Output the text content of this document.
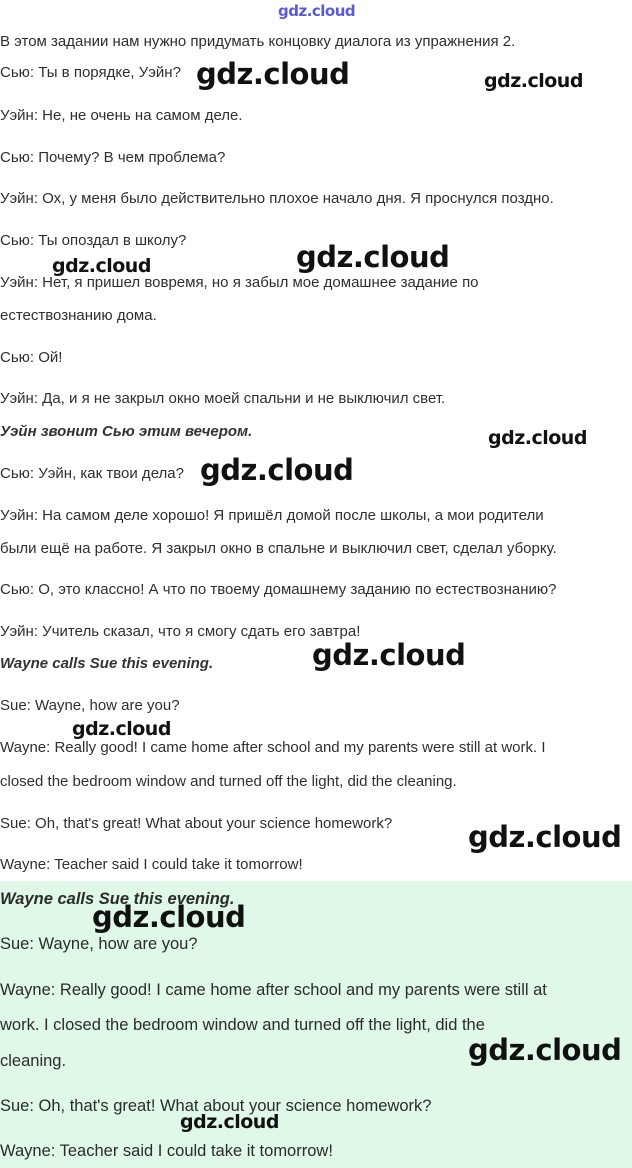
gdz.cloud
В этом задании нам нужно придумать концовку диалога из упражнения 2.
Сью: Ты в порядке, Уэйн?
Уэйн: Не, не очень на самом деле.
Сью: Почему? В чем проблема?
Уэйн: Ох, у меня было действительно плохое начало дня. Я проснулся поздно.
Сью: Ты опоздал в школу?
Уэйн: Нет, я пришел вовремя, но я забыл мое домашнее задание по
естествознанию дома.
Сью: Ой!
Уэйн: Да, и я не закрыл окно моей спальни и не выключил свет.
Уэйн звонит Сью этим вечером.
Сью: Уэйн, как твои дела?
Уэйн: На самом деле хорошо! Я пришёл домой после школы, а мои родители
были ещё на работе. Я закрыл окно в спальне и выключил свет, сделал уборку.
Сью: О, это классно! А что по твоему домашнему заданию по естествознанию?
Уэйн: Учитель сказал, что я смогу сдать его завтра!
Wayne calls Sue this evening.
Sue: Wayne, how are you?
Wayne: Really good! I came home after school and my parents were still at work. I
closed the bedroom window and turned off the light, did the cleaning.
Sue: Oh, that's great! What about your science homework?
Wayne: Teacher said I could take it tomorrow!
Wayne calls Sue this evening.
Sue: Wayne, how are you?
Wayne: Really good! I came home after school and my parents were still at
work. I closed the bedroom window and turned off the light, did the
cleaning.
Sue: Oh, that's great! What about your science homework?
Wayne: Teacher said I could take it tomorrow!
gdz.cloud	gdz.cloud
gdz.cloud
gdz.cloud
gdz.cloud
gdz.cloud
gdz.cloud
gdz.cloud
gdz.cloud
gdz.cloud
gdz.cloud
gdz.cloud
